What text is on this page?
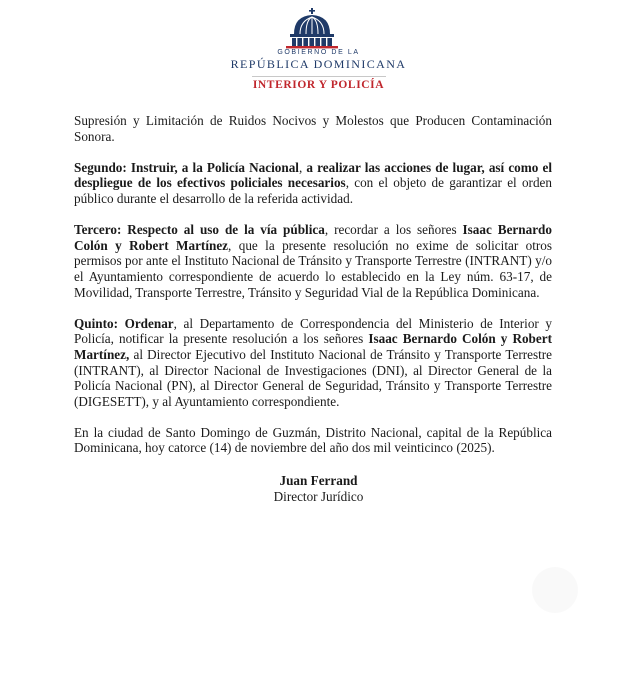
GOBIERNO DE LA
REPÚBLICA DOMINICANA
INTERIOR Y POLICÍA

Supresión y Limitación de Ruidos Nocivos y Molestos que Producen Contaminación Sonora.

Segundo: Instruir, a la Policía Nacional, a realizar las acciones de lugar, así como el despliegue de los efectivos policiales necesarios, con el objeto de garantizar el orden público durante el desarrollo de la referida actividad.

Tercero: Respecto al uso de la vía pública, recordar a los señores Isaac Bernardo Colón y Robert Martínez, que la presente resolución no exime de solicitar otros permisos por ante el Instituto Nacional de Tránsito y Transporte Terrestre (INTRANT) y/o el Ayuntamiento correspondiente de acuerdo lo establecido en la Ley núm. 63-17, de Movilidad, Transporte Terrestre, Tránsito y Seguridad Vial de la República Dominicana.

Quinto: Ordenar, al Departamento de Correspondencia del Ministerio de Interior y Policía, notificar la presente resolución a los señores Isaac Bernardo Colón y Robert Martínez, al Director Ejecutivo del Instituto Nacional de Tránsito y Transporte Terrestre (INTRANT), al Director Nacional de Investigaciones (DNI), al Director General de la Policía Nacional (PN), al Director General de Seguridad, Tránsito y Transporte Terrestre (DIGESETT), y al Ayuntamiento correspondiente.

En la ciudad de Santo Domingo de Guzmán, Distrito Nacional, capital de la República Dominicana, hoy catorce (14) de noviembre del año dos mil veinticinco (2025).

Juan Ferrand
Director Jurídico
